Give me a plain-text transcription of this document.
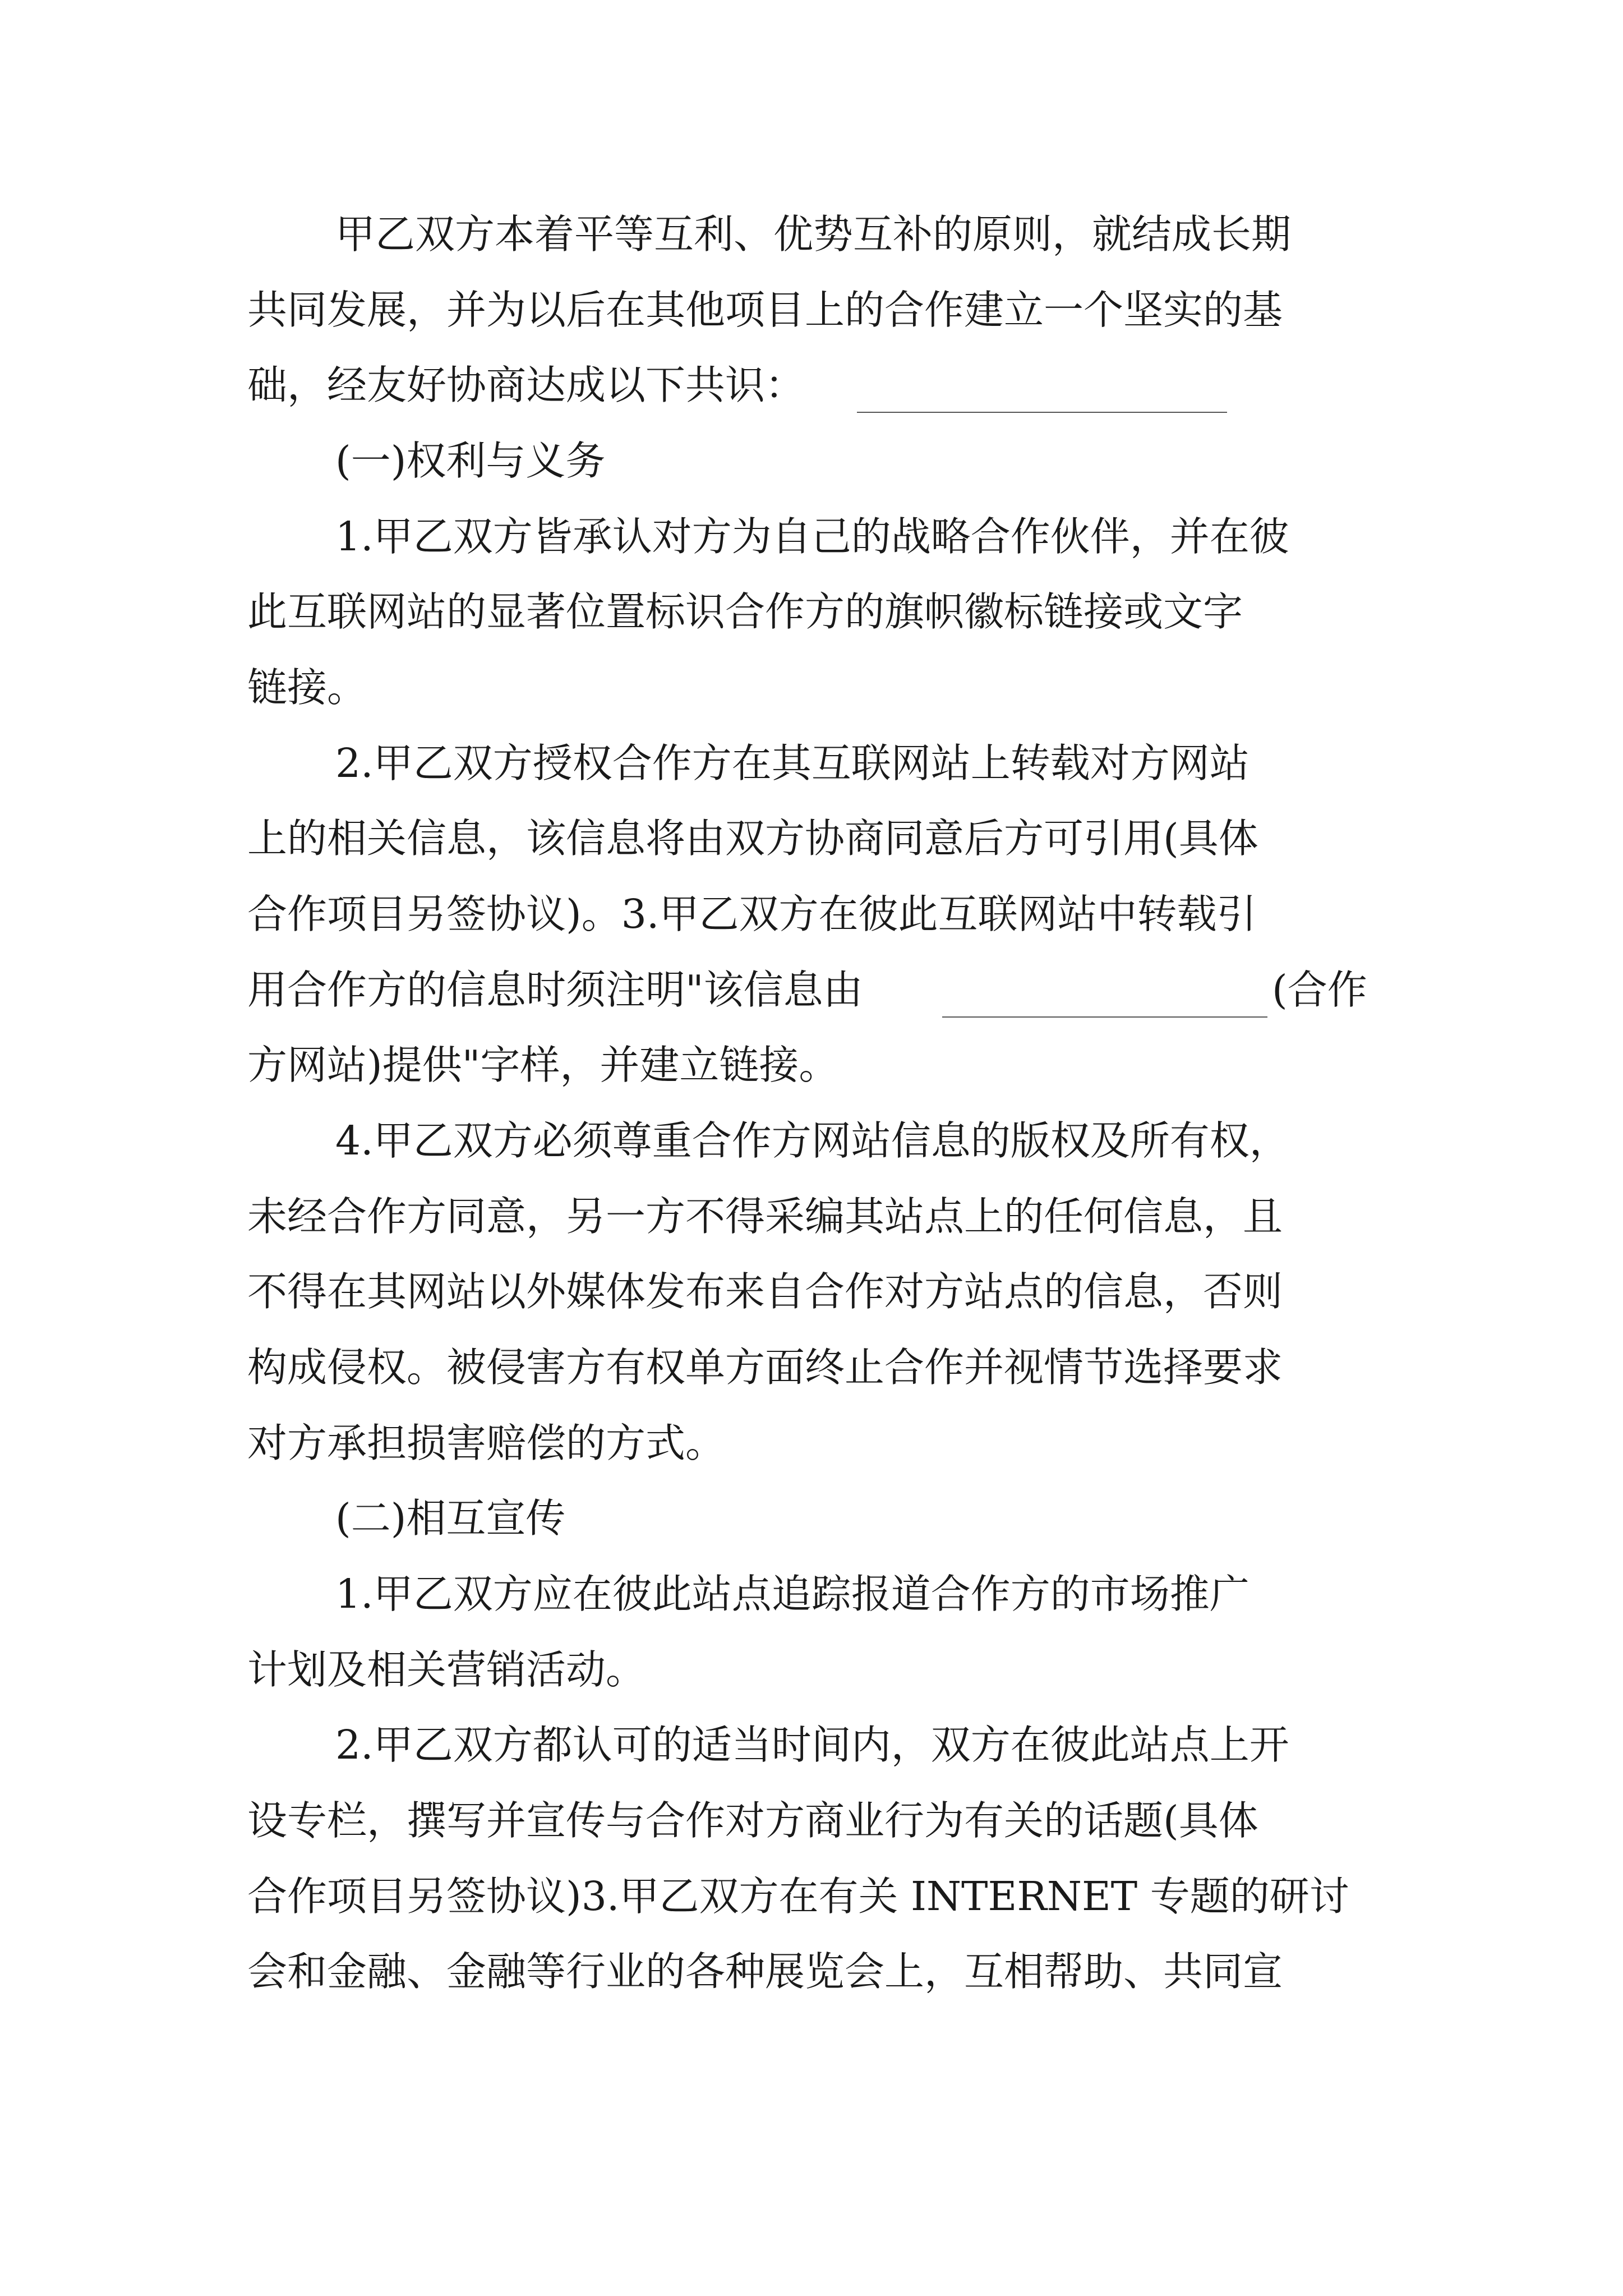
甲乙双方本着平等互利、优势互补的原则，就结成长期
共同发展，并为以后在其他项目上的合作建立一个坚实的基
础，经友好协商达成以下共识：
(一)权利与义务
1.甲乙双方皆承认对方为自己的战略合作伙伴，并在彼
此互联网站的显著位置标识合作方的旗帜徽标链接或文字
链接。
2.甲乙双方授权合作方在其互联网站上转载对方网站
上的相关信息，该信息将由双方协商同意后方可引用(具体
合作项目另签协议)。3.甲乙双方在彼此互联网站中转载引
用合作方的信息时须注明"该信息由	(合作
方网站)提供"字样，并建立链接。
4.甲乙双方必须尊重合作方网站信息的版权及所有权，
未经合作方同意，另一方不得采编其站点上的任何信息，且
不得在其网站以外媒体发布来自合作对方站点的信息，否则
构成侵权。被侵害方有权单方面终止合作并视情节选择要求
对方承担损害赔偿的方式。
(二)相互宣传
1.甲乙双方应在彼此站点追踪报道合作方的市场推广
计划及相关营销活动。
2.甲乙双方都认可的适当时间内，双方在彼此站点上开
设专栏，撰写并宣传与合作对方商业行为有关的话题(具体
合作项目另签协议)3.甲乙双方在有关 INTERNET 专题的研讨
会和金融、金融等行业的各种展览会上，互相帮助、共同宣
